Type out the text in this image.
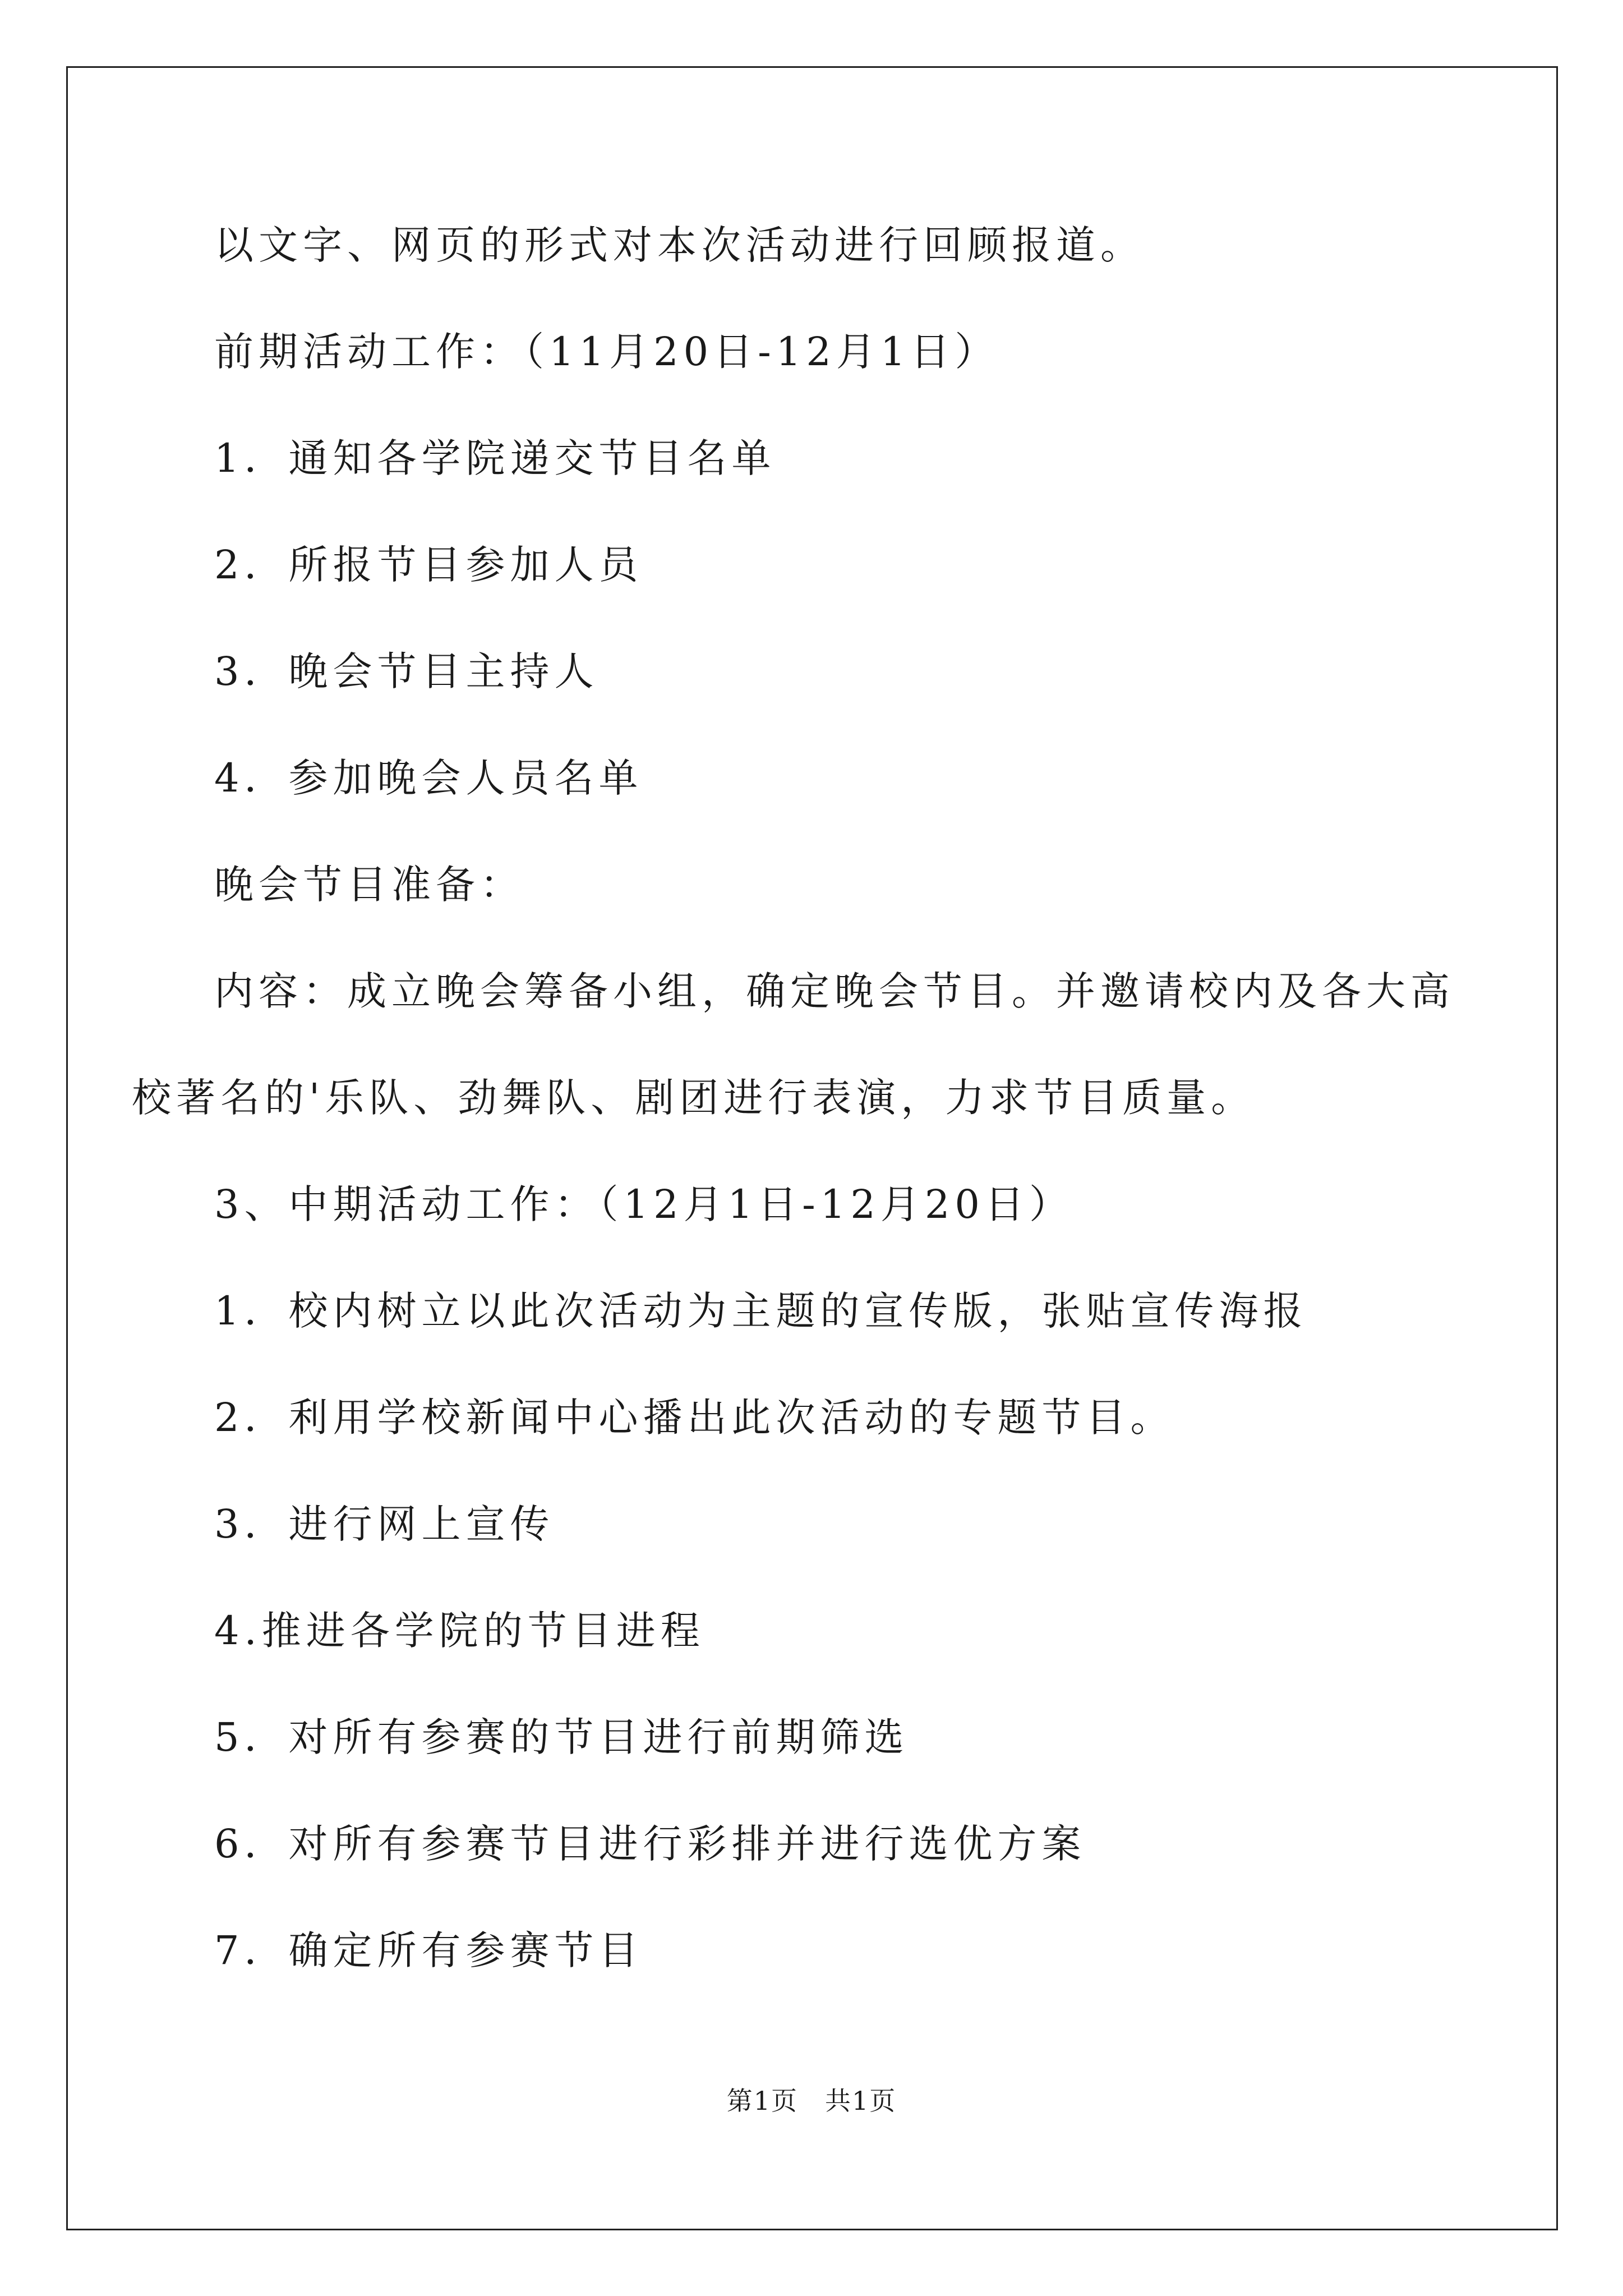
以文字、网页的形式对本次活动进行回顾报道。
前期活动工作：（11月20日-12月1日）
1．通知各学院递交节目名单
2．所报节目参加人员
3．晚会节目主持人
4．参加晚会人员名单
晚会节目准备：
内容：成立晚会筹备小组，确定晚会节目。并邀请校内及各大高
校著名的'乐队、劲舞队、剧团进行表演，力求节目质量。
3、中期活动工作：（12月1日-12月20日）
1．校内树立以此次活动为主题的宣传版，张贴宣传海报
2．利用学校新闻中心播出此次活动的专题节目。
3．进行网上宣传
4.推进各学院的节目进程
5．对所有参赛的节目进行前期筛选
6．对所有参赛节目进行彩排并进行选优方案
7．确定所有参赛节目
第1页　共1页
